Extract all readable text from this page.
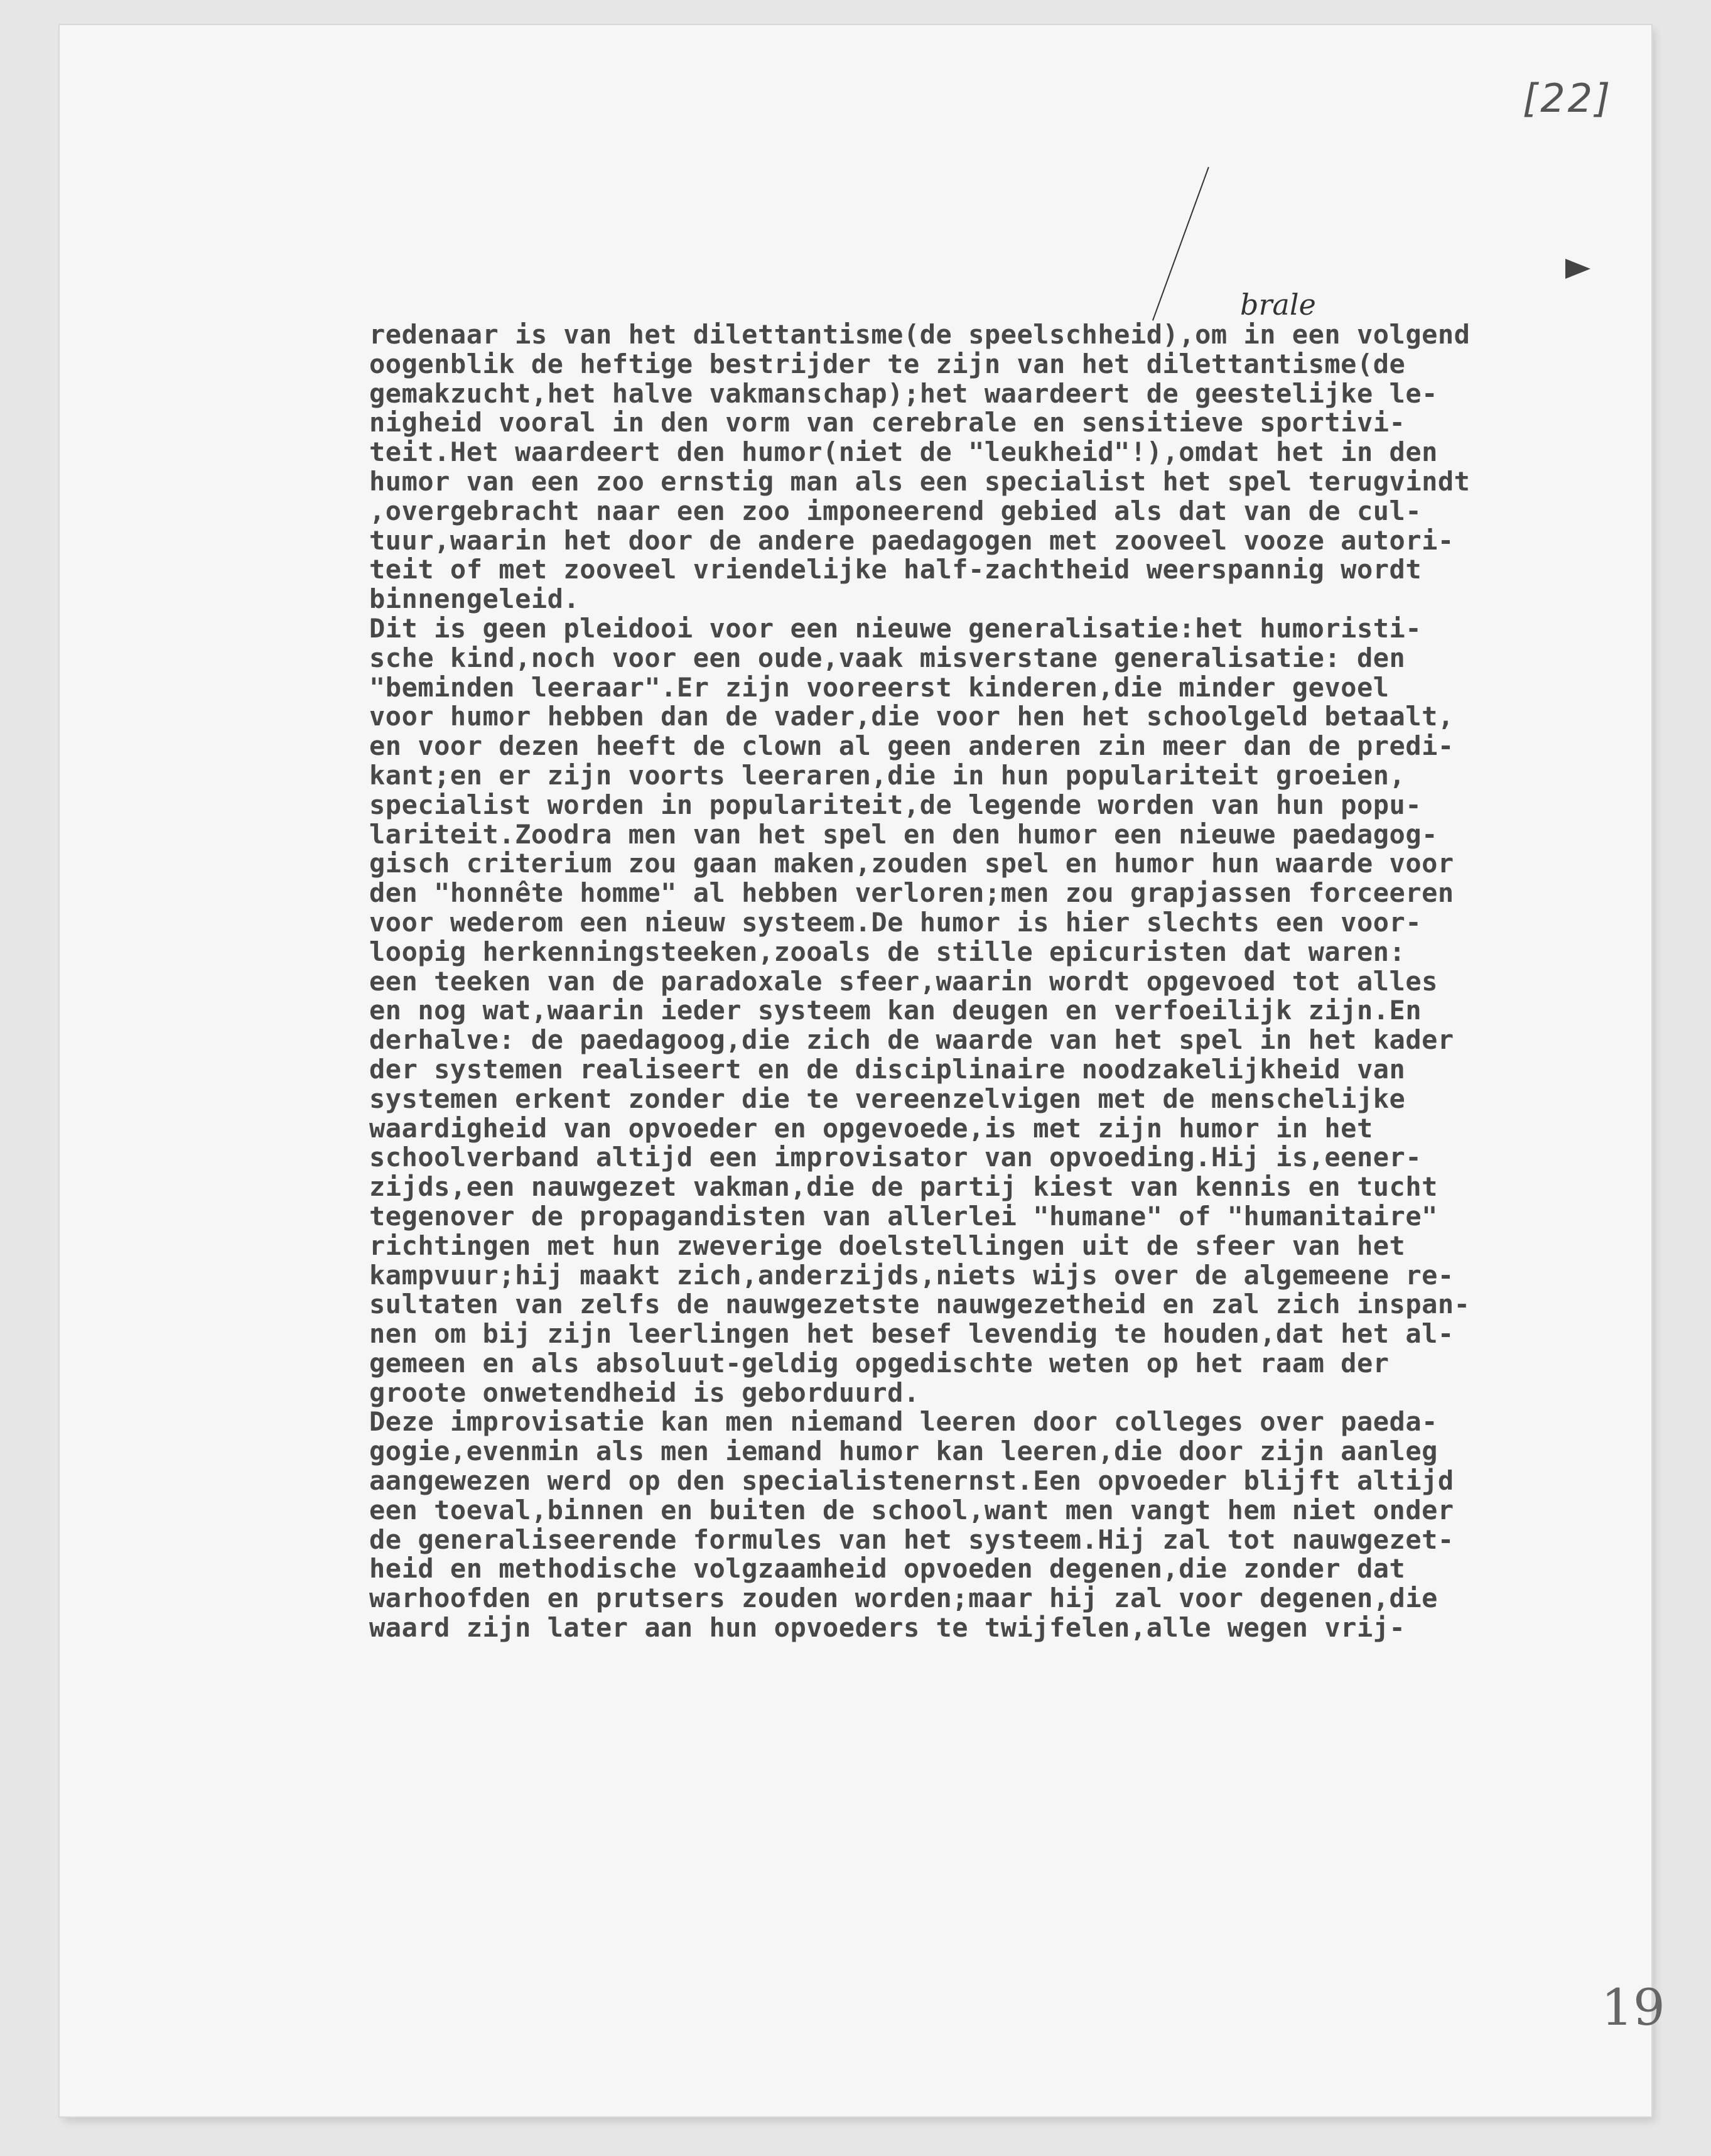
[22]
brale
19
redenaar is van het dilettantisme(de speelschheid),om in een volgend
oogenblik de heftige bestrijder te zijn van het dilettantisme(de
gemakzucht,het halve vakmanschap);het waardeert de geestelijke le-
nigheid vooral in den vorm van cerebrale en sensitieve sportivi-
teit.Het waardeert den humor(niet de "leukheid"!),omdat het in den
humor van een zoo ernstig man als een specialist het spel terugvindt
,overgebracht naar een zoo imponeerend gebied als dat van de cul-
tuur,waarin het door de andere paedagogen met zooveel vooze autori-
teit of met zooveel vriendelijke half-zachtheid weerspannig wordt
binnengeleid.
Dit is geen pleidooi voor een nieuwe generalisatie:het humoristi-
sche kind,noch voor een oude,vaak misverstane generalisatie: den
"beminden leeraar".Er zijn vooreerst kinderen,die minder gevoel
voor humor hebben dan de vader,die voor hen het schoolgeld betaalt,
en voor dezen heeft de clown al geen anderen zin meer dan de predi-
kant;en er zijn voorts leeraren,die in hun populariteit groeien,
specialist worden in populariteit,de legende worden van hun popu-
lariteit.Zoodra men van het spel en den humor een nieuwe paedagog-
gisch criterium zou gaan maken,zouden spel en humor hun waarde voor
den "honnête homme" al hebben verloren;men zou grapjassen forceeren
voor wederom een nieuw systeem.De humor is hier slechts een voor-
loopig herkenningsteeken,zooals de stille epicuristen dat waren:
een teeken van de paradoxale sfeer,waarin wordt opgevoed tot alles
en nog wat,waarin ieder systeem kan deugen en verfoeilijk zijn.En
derhalve: de paedagoog,die zich de waarde van het spel in het kader
der systemen realiseert en de disciplinaire noodzakelijkheid van
systemen erkent zonder die te vereenzelvigen met de menschelijke
waardigheid van opvoeder en opgevoede,is met zijn humor in het
schoolverband altijd een improvisator van opvoeding.Hij is,eener-
zijds,een nauwgezet vakman,die de partij kiest van kennis en tucht
tegenover de propagandisten van allerlei "humane" of "humanitaire"
richtingen met hun zweverige doelstellingen uit de sfeer van het
kampvuur;hij maakt zich,anderzijds,niets wijs over de algemeene re-
sultaten van zelfs de nauwgezetste nauwgezetheid en zal zich inspan-
nen om bij zijn leerlingen het besef levendig te houden,dat het al-
gemeen en als absoluut-geldig opgedischte weten op het raam der
groote onwetendheid is geborduurd.
Deze improvisatie kan men niemand leeren door colleges over paeda-
gogie,evenmin als men iemand humor kan leeren,die door zijn aanleg
aangewezen werd op den specialistenernst.Een opvoeder blijft altijd
een toeval,binnen en buiten de school,want men vangt hem niet onder
de generaliseerende formules van het systeem.Hij zal tot nauwgezet-
heid en methodische volgzaamheid opvoeden degenen,die zonder dat
warhoofden en prutsers zouden worden;maar hij zal voor degenen,die
waard zijn later aan hun opvoeders te twijfelen,alle wegen vrij-
